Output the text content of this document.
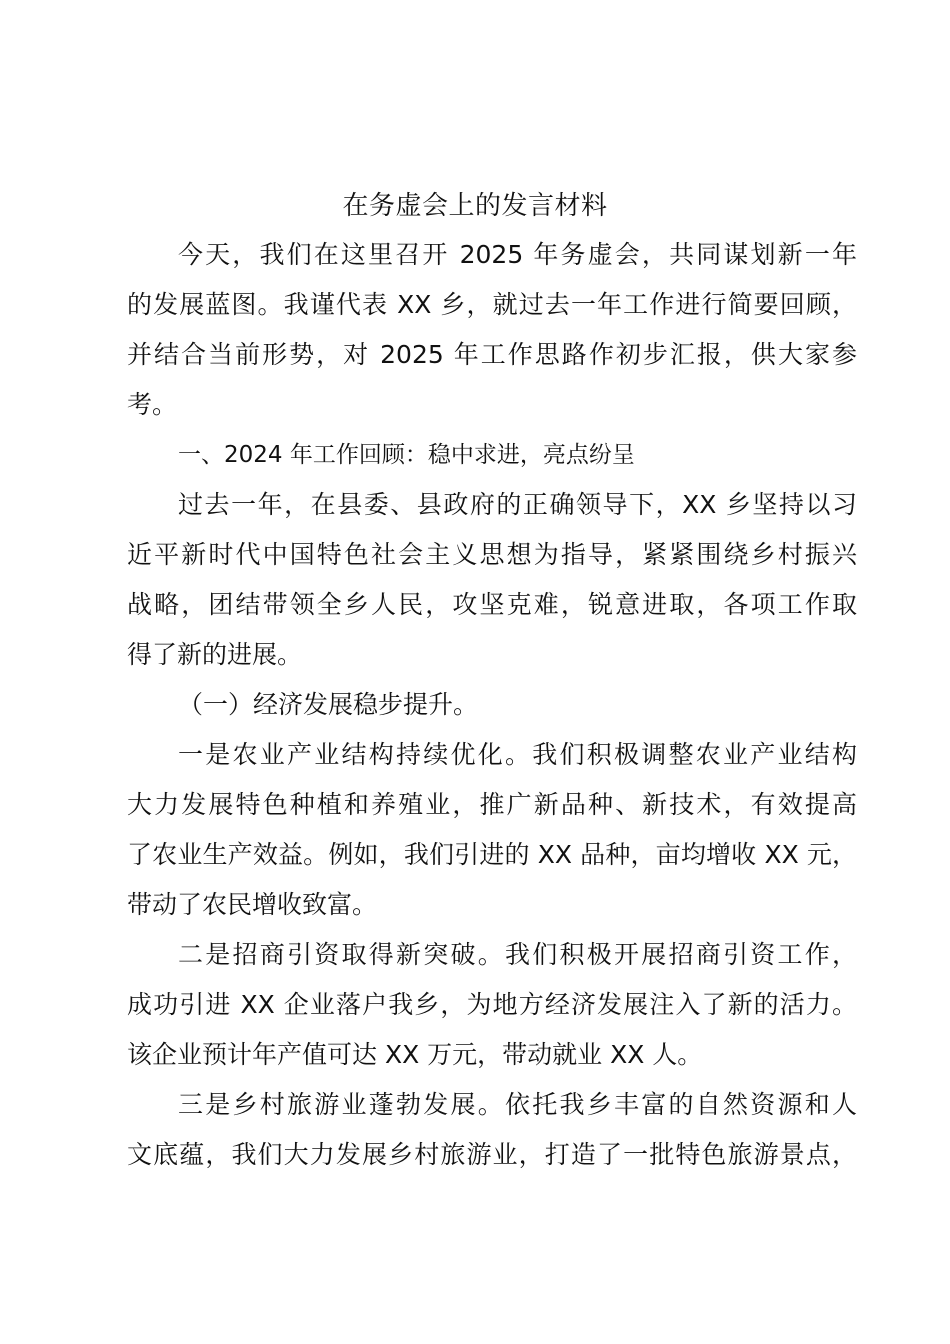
在务虚会上的发言材料
今天，我们在这里召开 2025 年务虚会，共同谋划新一年
的发展蓝图。我谨代表 XX 乡，就过去一年工作进行简要回顾，
并结合当前形势，对 2025 年工作思路作初步汇报，供大家参
考。
一、2024 年工作回顾：稳中求进，亮点纷呈
过去一年，在县委、县政府的正确领导下，XX 乡坚持以习
近平新时代中国特色社会主义思想为指导，紧紧围绕乡村振兴
战略，团结带领全乡人民，攻坚克难，锐意进取，各项工作取
得了新的进展。
（一）经济发展稳步提升。
一是农业产业结构持续优化。我们积极调整农业产业结构
大力发展特色种植和养殖业，推广新品种、新技术，有效提高
了农业生产效益。例如，我们引进的 XX 品种，亩均增收 XX 元，
带动了农民增收致富。
二是招商引资取得新突破。我们积极开展招商引资工作，
成功引进 XX 企业落户我乡，为地方经济发展注入了新的活力。
该企业预计年产值可达 XX 万元，带动就业 XX 人。
三是乡村旅游业蓬勃发展。依托我乡丰富的自然资源和人
文底蕴，我们大力发展乡村旅游业，打造了一批特色旅游景点，
